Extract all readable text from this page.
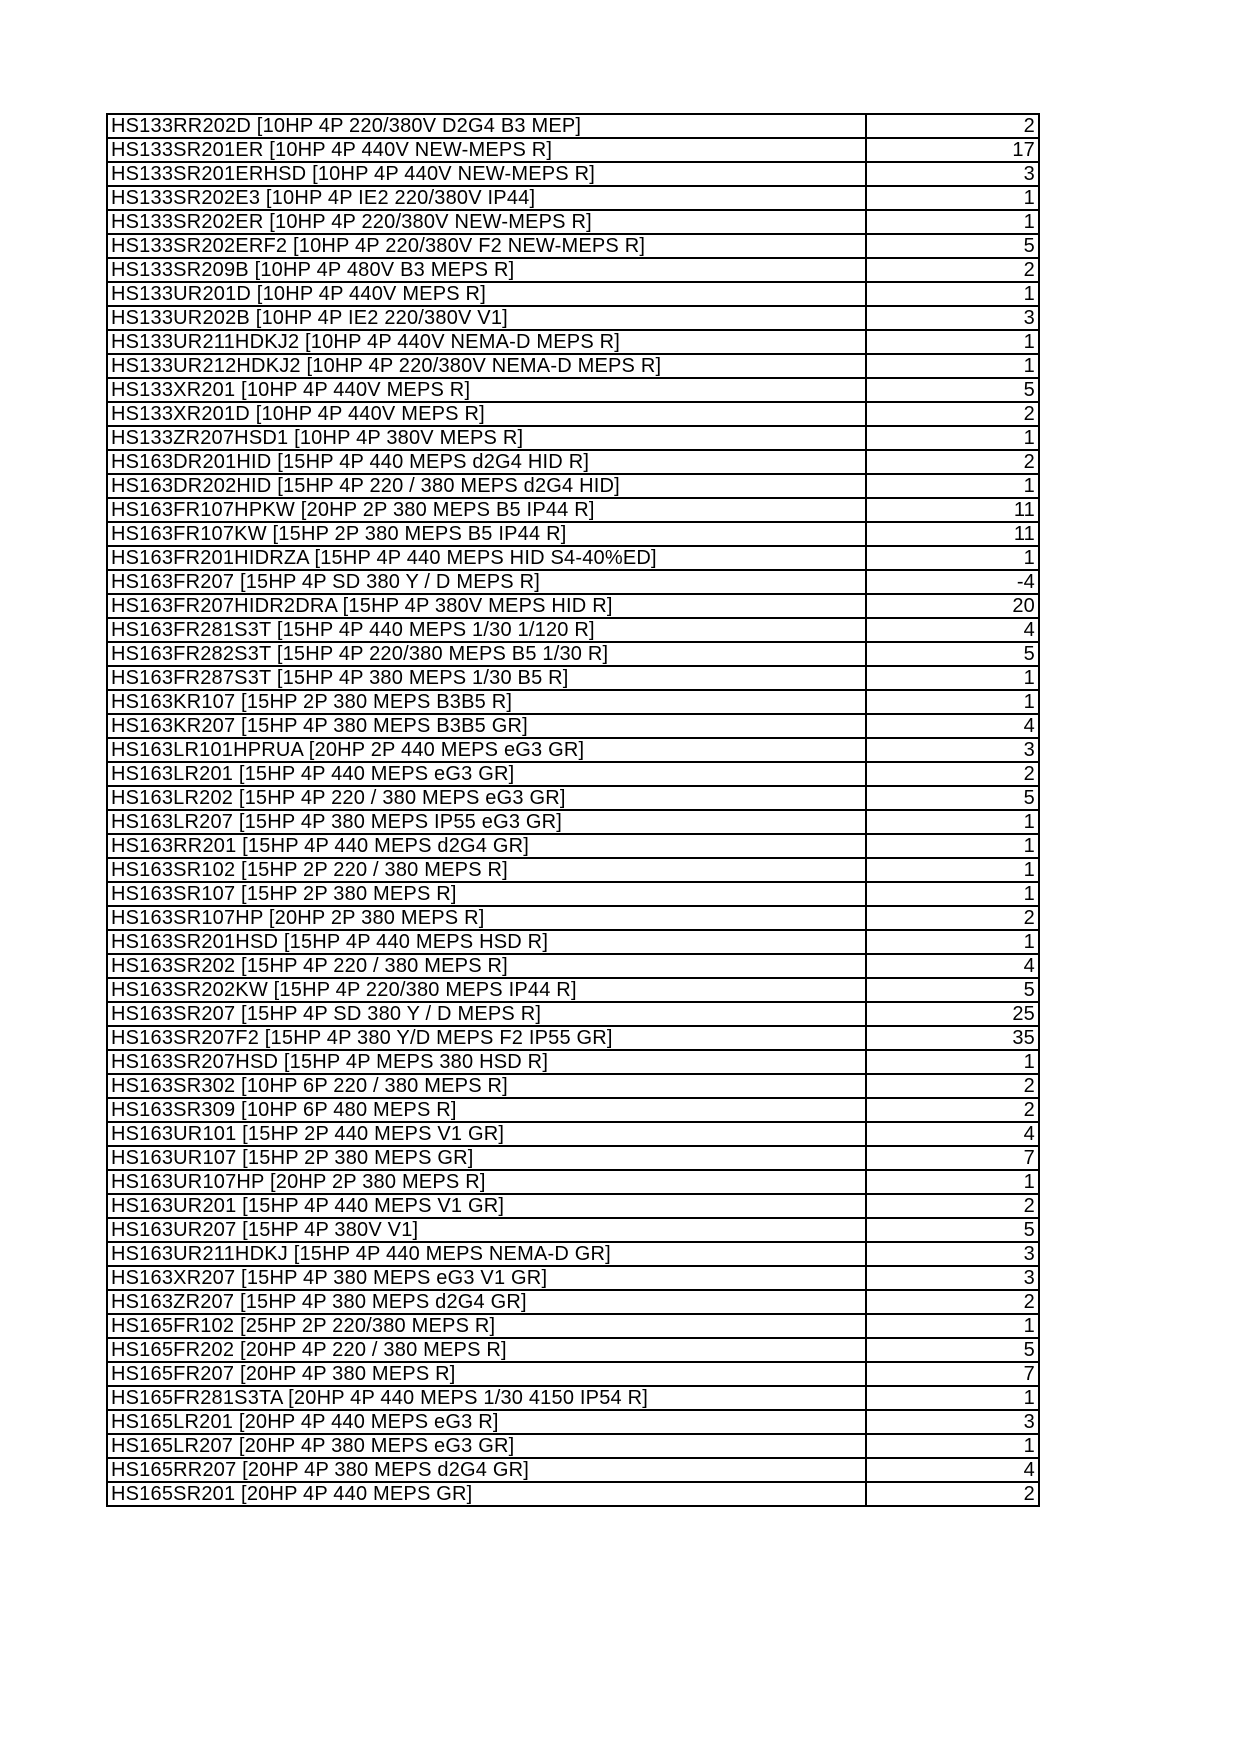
HS133RR202D [10HP 4P 220/380V D2G4 B3 MEP]	2
HS133SR201ER [10HP 4P 440V NEW-MEPS R]	17
HS133SR201ERHSD [10HP 4P 440V NEW-MEPS R]	3
HS133SR202E3 [10HP 4P IE2 220/380V IP44]	1
HS133SR202ER [10HP 4P 220/380V NEW-MEPS R]	1
HS133SR202ERF2 [10HP 4P 220/380V F2 NEW-MEPS R]	5
HS133SR209B [10HP 4P 480V B3 MEPS R]	2
HS133UR201D [10HP 4P 440V MEPS R]	1
HS133UR202B [10HP 4P IE2 220/380V V1]	3
HS133UR211HDKJ2 [10HP 4P 440V NEMA-D MEPS R]	1
HS133UR212HDKJ2 [10HP 4P 220/380V NEMA-D MEPS R]	1
HS133XR201 [10HP 4P 440V MEPS R]	5
HS133XR201D [10HP 4P 440V MEPS R]	2
HS133ZR207HSD1 [10HP 4P 380V MEPS R]	1
HS163DR201HID [15HP 4P 440 MEPS d2G4 HID R]	2
HS163DR202HID [15HP 4P 220 / 380 MEPS d2G4 HID]	1
HS163FR107HPKW [20HP 2P 380 MEPS B5 IP44 R]	11
HS163FR107KW [15HP 2P 380 MEPS B5 IP44 R]	11
HS163FR201HIDRZA [15HP 4P 440 MEPS HID S4-40%ED]	1
HS163FR207 [15HP 4P SD 380 Y / D MEPS R]	-4
HS163FR207HIDR2DRA [15HP 4P 380V MEPS HID R]	20
HS163FR281S3T [15HP 4P 440 MEPS 1/30 1/120 R]	4
HS163FR282S3T [15HP 4P 220/380 MEPS B5 1/30 R]	5
HS163FR287S3T [15HP 4P 380 MEPS 1/30 B5 R]	1
HS163KR107 [15HP 2P 380 MEPS B3B5 R]	1
HS163KR207 [15HP 4P 380 MEPS B3B5 GR]	4
HS163LR101HPRUA [20HP 2P 440 MEPS eG3 GR]	3
HS163LR201 [15HP 4P 440 MEPS eG3 GR]	2
HS163LR202 [15HP 4P 220 / 380 MEPS eG3 GR]	5
HS163LR207 [15HP 4P 380 MEPS IP55 eG3 GR]	1
HS163RR201 [15HP 4P 440 MEPS d2G4 GR]	1
HS163SR102 [15HP 2P 220 / 380 MEPS R]	1
HS163SR107 [15HP 2P 380 MEPS R]	1
HS163SR107HP [20HP 2P 380 MEPS R]	2
HS163SR201HSD [15HP 4P 440 MEPS HSD R]	1
HS163SR202 [15HP 4P 220 / 380 MEPS R]	4
HS163SR202KW [15HP 4P 220/380 MEPS IP44 R]	5
HS163SR207 [15HP 4P SD 380 Y / D MEPS R]	25
HS163SR207F2 [15HP 4P 380 Y/D MEPS F2 IP55 GR]	35
HS163SR207HSD [15HP 4P MEPS 380 HSD R]	1
HS163SR302 [10HP 6P 220 / 380 MEPS R]	2
HS163SR309 [10HP 6P 480 MEPS R]	2
HS163UR101 [15HP 2P 440 MEPS V1 GR]	4
HS163UR107 [15HP 2P 380 MEPS GR]	7
HS163UR107HP [20HP 2P 380 MEPS R]	1
HS163UR201 [15HP 4P 440 MEPS V1 GR]	2
HS163UR207 [15HP 4P 380V V1]	5
HS163UR211HDKJ [15HP 4P 440 MEPS NEMA-D GR]	3
HS163XR207 [15HP 4P 380 MEPS eG3 V1 GR]	3
HS163ZR207 [15HP 4P 380 MEPS d2G4 GR]	2
HS165FR102 [25HP 2P 220/380 MEPS R]	1
HS165FR202 [20HP 4P 220 / 380 MEPS R]	5
HS165FR207 [20HP 4P 380 MEPS R]	7
HS165FR281S3TA [20HP 4P 440 MEPS 1/30 4150 IP54 R]	1
HS165LR201 [20HP 4P 440 MEPS eG3 R]	3
HS165LR207 [20HP 4P 380 MEPS eG3 GR]	1
HS165RR207 [20HP 4P 380 MEPS d2G4 GR]	4
HS165SR201 [20HP 4P 440 MEPS GR]	2
